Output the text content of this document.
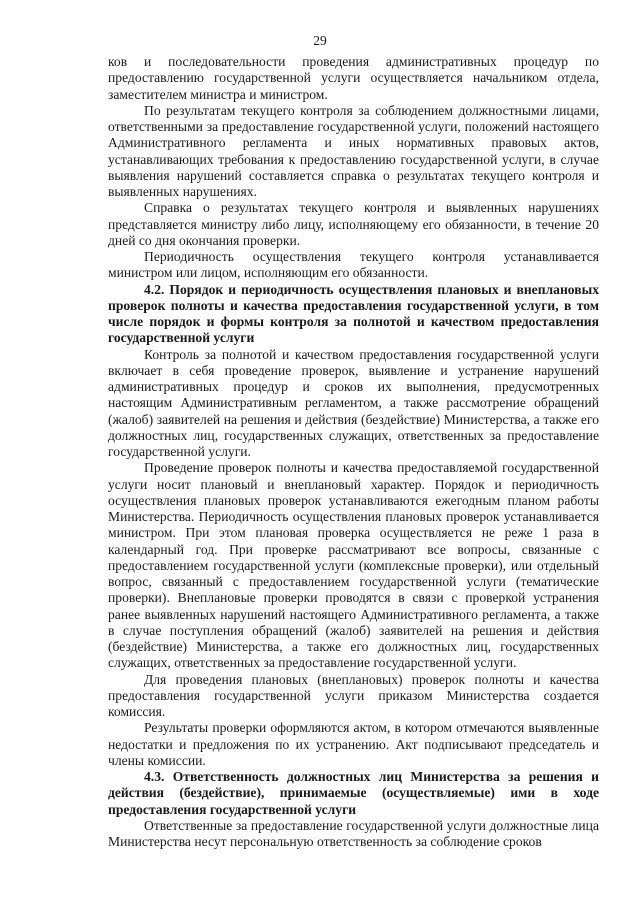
29

ков и последовательности проведения административных процедур по предоставлению государственной услуги осуществляется начальником отдела, заместителем министра и министром.

По результатам текущего контроля за соблюдением должностными лицами, ответственными за предоставление государственной услуги, положений настоящего Административного регламента и иных нормативных правовых актов, устанавливающих требования к предоставлению государственной услуги, в случае выявления нарушений составляется справка о результатах текущего контроля и выявленных нарушениях.

Справка о результатах текущего контроля и выявленных нарушениях представляется министру либо лицу, исполняющему его обязанности, в течение 20 дней со дня окончания проверки.

Периодичность осуществления текущего контроля устанавливается министром или лицом, исполняющим его обязанности.

4.2. Порядок и периодичность осуществления плановых и внеплановых проверок полноты и качества предоставления государственной услуги, в том числе порядок и формы контроля за полнотой и качеством предоставления государственной услуги

Контроль за полнотой и качеством предоставления государственной услуги включает в себя проведение проверок, выявление и устранение нарушений административных процедур и сроков их выполнения, предусмотренных настоящим Административным регламентом, а также рассмотрение обращений (жалоб) заявителей на решения и действия (бездействие) Министерства, а также его должностных лиц, государственных служащих, ответственных за предоставление государственной услуги.

Проведение проверок полноты и качества предоставляемой государственной услуги носит плановый и внеплановый характер. Порядок и периодичность осуществления плановых проверок устанавливаются ежегодным планом работы Министерства. Периодичность осуществления плановых проверок устанавливается министром. При этом плановая проверка осуществляется не реже 1 раза в календарный год. При проверке рассматривают все вопросы, связанные с предоставлением государственной услуги (комплексные проверки), или отдельный вопрос, связанный с предоставлением государственной услуги (тематические проверки). Внеплановые проверки проводятся в связи с проверкой устранения ранее выявленных нарушений настоящего Административного регламента, а также в случае поступления обращений (жалоб) заявителей на решения и действия (бездействие) Министерства, а также его должностных лиц, государственных служащих, ответственных за предоставление государственной услуги.

Для проведения плановых (внеплановых) проверок полноты и качества предоставления государственной услуги приказом Министерства создается комиссия.

Результаты проверки оформляются актом, в котором отмечаются выявленные недостатки и предложения по их устранению. Акт подписывают председатель и члены комиссии.

4.3. Ответственность должностных лиц Министерства за решения и действия (бездействие), принимаемые (осуществляемые) ими в ходе предоставления государственной услуги

Ответственные за предоставление государственной услуги должностные лица Министерства несут персональную ответственность за соблюдение сроков
